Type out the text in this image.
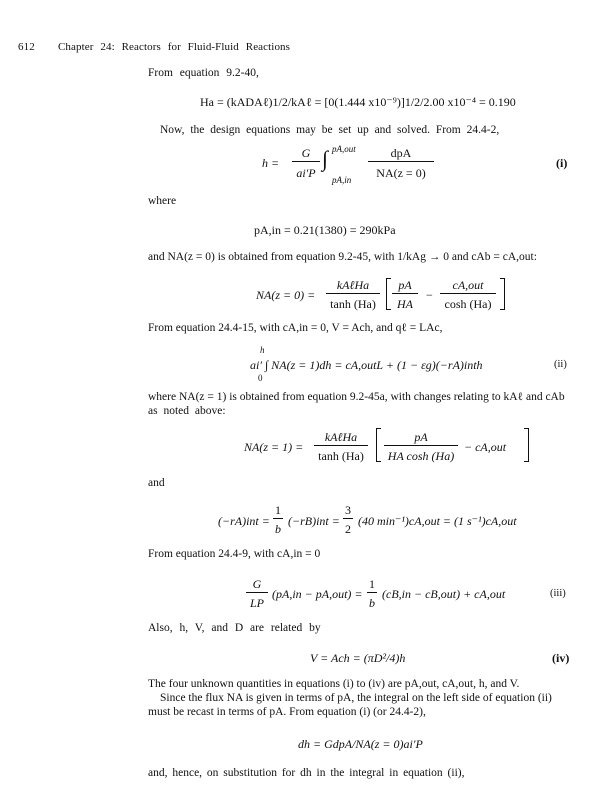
612 Chapter 24: Reactors for Fluid-Fluid Reactions
From equation 9.2-40,
Ha = (kADAℓ)1/2/kAℓ = [0(1.444 x10⁻⁹)]1/2/2.00 x10⁻⁴ = 0.190
Now, the design equations may be set up and solved. From 24.4-2,
h =
G
ai′P
pA,out
∫
pA,in
dpA
NA(z = 0)
(i)
where
pA,in = 0.21(1380) = 290kPa
and NA(z = 0) is obtained from equation 9.2-45, with 1/kAg → 0 and cAb = cA,out:
NA(z = 0) =
kAℓHa
tanh (Ha)
pA
HA
−
cA,out
cosh (Ha)
From equation 24.4-15, with cA,in = 0, V = Ach, and qℓ = LAc,
h
ai′ ∫ NA(z = 1)dh = cA,outL + (1 − εg)(−rA)inth
0
(ii)
where NA(z = 1) is obtained from equation 9.2-45a, with changes relating to kAℓ and cAb
as noted above:
NA(z = 1) =
kAℓHa
tanh (Ha)
pA
HA cosh (Ha)
− cA,out
and
(−rA)int =
1
b
(−rB)int =
3
2
(40 min⁻¹)cA,out = (1 s⁻¹)cA,out
From equation 24.4-9, with cA,in = 0
G
LP
(pA,in − pA,out) =
1
b
(cB,in − cB,out) + cA,out	(iii)
Also, h, V, and D are related by
V = Ach = (πD²/4)h	(iv)
The four unknown quantities in equations (i) to (iv) are pA,out, cA,out, h, and V.
Since the flux NA is given in terms of pA, the integral on the left side of equation (ii)
must be recast in terms of pA. From equation (i) (or 24.4-2),
dh = GdpA/NA(z = 0)ai′P
and, hence, on substitution for dh in the integral in equation (ii),
